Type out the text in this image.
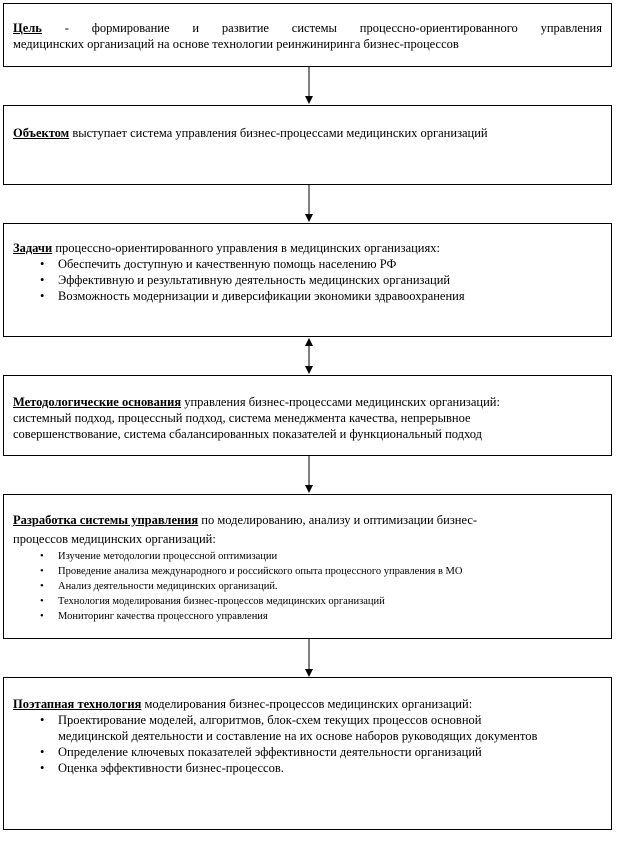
Цель - формирование и развитие системы процессно-ориентированного управления

медицинских организаций на основе технологии реинжиниринга бизнес-процессов

Объектом выступает система управления бизнес-процессами медицинских организаций

Задачи процессно-ориентированного управления в медицинских организациях:

• Обеспечить доступную и качественную помощь населению РФ
• Эффективную и результативную деятельность медицинских организаций
• Возможность модернизации и диверсификации экономики здравоохранения

Методологические основания управления бизнес-процессами медицинских организаций:

системный подход, процессный подход, система менеджмента качества, непрерывное

совершенствование, система сбалансированных показателей и функциональный подход

Разработка системы управления по моделированию, анализу и оптимизации бизнес-

процессов медицинских организаций:

• Изучение методологии процессной оптимизации
• Проведение анализа международного и российского опыта процессного управления в МО
• Анализ деятельности медицинских организаций.
• Технология моделирования бизнес-процессов медицинских организаций
• Мониторинг качества процессного управления

Поэтапная технология моделирования бизнес-процессов медицинских организаций:

• Проектирование моделей, алгоритмов, блок-схем текущих процессов основной медицинской деятельности и составление на их основе наборов руководящих документов
• Определение ключевых показателей эффективности деятельности организаций
• Оценка эффективности бизнес-процессов.
